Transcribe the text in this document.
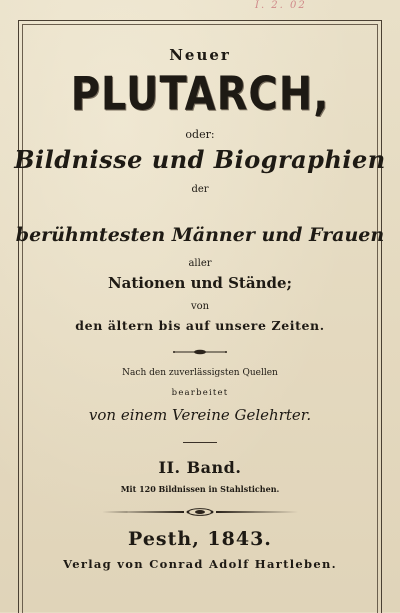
I. 2. 02
Neuer
PLUTARCH,
oder:
Bildnisse und Biographien
der
berühmtesten Männer und Frauen
aller
Nationen und Stände;
von
den ältern bis auf unsere Zeiten.
Nach den zuverlässigsten Quellen
bearbeitet
von einem Vereine Gelehrter.
II. Band.
Mit 120 Bildnissen in Stahlstichen.
Pesth, 1843.
Verlag von Conrad Adolf Hartleben.
